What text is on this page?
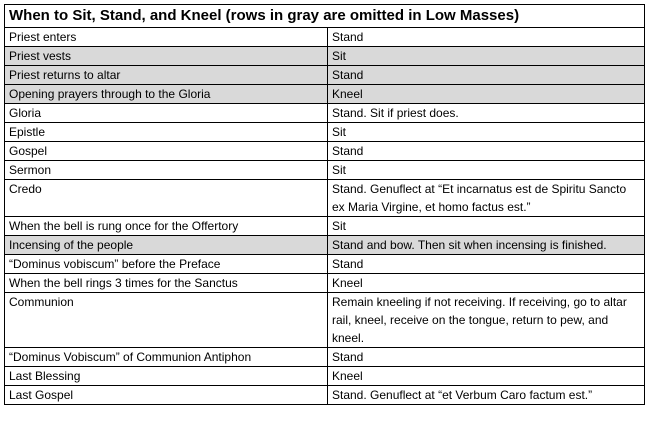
When to Sit, Stand, and Kneel (rows in gray are omitted in Low Masses)	
Priest enters	Stand
Priest vests	Sit
Priest returns to altar	Stand
Opening prayers through to the Gloria	Kneel
Gloria	Stand. Sit if priest does.
Epistle	Sit
Gospel	Stand
Sermon	Sit
Credo	Stand. Genuflect at “Et incarnatus est de Spiritu Sancto ex Maria Virgine, et homo factus est.”
When the bell is rung once for the Offertory	Sit
Incensing of the people	Stand and bow. Then sit when incensing is finished.
“Dominus vobiscum” before the Preface	Stand
When the bell rings 3 times for the Sanctus	Kneel
Communion	Remain kneeling if not receiving. If receiving, go to altar rail, kneel, receive on the tongue, return to pew, and kneel.
“Dominus Vobiscum” of Communion Antiphon	Stand
Last Blessing	Kneel
Last Gospel	Stand. Genuflect at “et Verbum Caro factum est.”
